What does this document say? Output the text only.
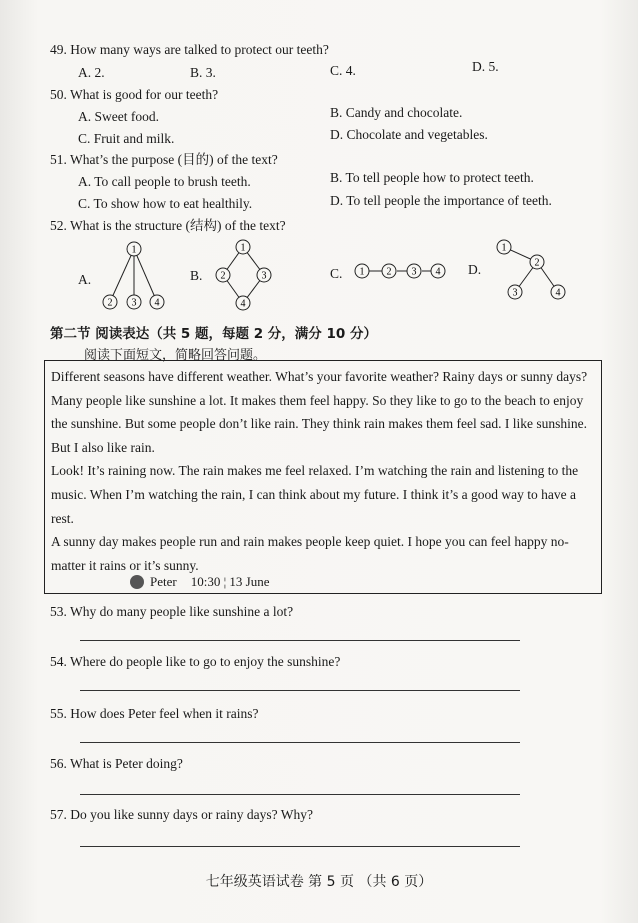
49. How many ways are talked to protect our teeth?
A. 2.	B. 3.	C. 4.	D. 5.
50. What is good for our teeth?
A. Sweet food.	B. Candy and chocolate.
C. Fruit and milk.	D. Chocolate and vegetables.
51. What’s the purpose (目的) of the text?
A. To call people to brush teeth.	B. To tell people how to protect teeth.
C. To show how to eat healthily.	D. To tell people the importance of teeth.
52. What is the structure (结构) of the text?
A.
1
2 3 4
B.
1
2	3
4
C. 1 2 3 4 D.
1
2
3	4
第二节 阅读表达（共 5 题，每题 2 分，满分 10 分）
阅读下面短文，简略回答问题。

Different seasons have different weather. What’s your favorite weather? Rainy days or sunny days? Many people like sunshine a lot. It makes them feel happy. So they like to go to the beach to enjoy the sunshine. But some people don’t like rain. They think rain makes them feel sad. I like sunshine. But I also like rain.

Look! It’s raining now. The rain makes me feel relaxed. I’m watching the rain and listening to the music. When I’m watching the rain, I can think about my future. I think it’s a good way to have a rest.

A sunny day makes people run and rain makes people keep quiet. I hope you can feel happy no-matter it rains or it’s sunny.

Peter 10:30 ¦ 13 June
53. Why do many people like sunshine a lot?
54. Where do people like to go to enjoy the sunshine?
55. How does Peter feel when it rains?
56. What is Peter doing?
57. Do you like sunny days or rainy days? Why?
七年级英语试卷 第 5 页 （共 6 页）
